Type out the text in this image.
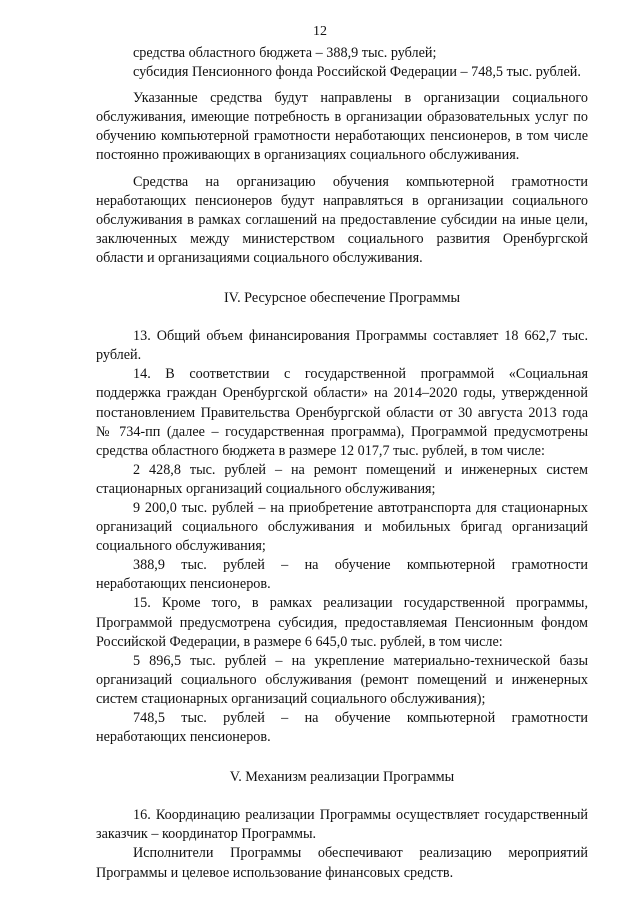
12

средства областного бюджета – 388,9 тыс. рублей;

субсидия Пенсионного фонда Российской Федерации – 748,5 тыс. рублей.

Указанные средства будут направлены в организации социального обслуживания, имеющие потребность в организации образовательных услуг по обучению компьютерной грамотности неработающих пенсионеров, в том числе постоянно проживающих в организациях социального обслуживания.

Средства на организацию обучения компьютерной грамотности неработающих пенсионеров будут направляться в организации социального обслуживания в рамках соглашений на предоставление субсидии на иные цели, заключенных между министерством социального развития Оренбургской области и организациями социального обслуживания.

IV. Ресурсное обеспечение Программы

13. Общий объем финансирования Программы составляет 18 662,7 тыс. рублей.

14. В соответствии с государственной программой «Социальная поддержка граждан Оренбургской области» на 2014–2020 годы, утвержденной постановлением Правительства Оренбургской области от 30 августа 2013 года № 734-пп (далее – государственная программа), Программой предусмотрены средства областного бюджета в размере 12 017,7 тыс. рублей, в том числе:

2 428,8 тыс. рублей – на ремонт помещений и инженерных систем стационарных организаций социального обслуживания;

9 200,0 тыс. рублей – на приобретение автотранспорта для стационарных организаций социального обслуживания и мобильных бригад организаций социального обслуживания;

388,9 тыс. рублей – на обучение компьютерной грамотности неработающих пенсионеров.

15. Кроме того, в рамках реализации государственной программы, Программой предусмотрена субсидия, предоставляемая Пенсионным фондом Российской Федерации, в размере 6 645,0 тыс. рублей, в том числе:

5 896,5 тыс. рублей – на укрепление материально-технической базы организаций социального обслуживания (ремонт помещений и инженерных систем стационарных организаций социального обслуживания);

748,5 тыс. рублей – на обучение компьютерной грамотности неработающих пенсионеров.

V. Механизм реализации Программы

16. Координацию реализации Программы осуществляет государственный заказчик – координатор Программы.

Исполнители Программы обеспечивают реализацию мероприятий Программы и целевое использование финансовых средств.
